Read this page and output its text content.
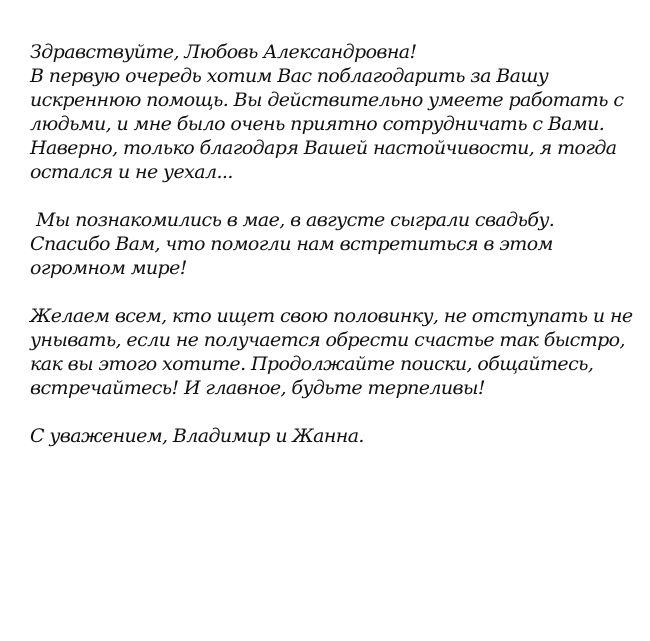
Здравствуйте, Любовь Александровна!
В первую очередь хотим Вас поблагодарить за Вашу
искреннюю помощь. Вы действительно умеете работать с
людьми, и мне было очень приятно сотрудничать с Вами.
Наверно, только благодаря Вашей настойчивости, я тогда
остался и не уехал...
Мы познакомились в мае, в августе сыграли свадьбу.
Спасибо Вам, что помогли нам встретиться в этом
огромном мире!
Желаем всем, кто ищет свою половинку, не отступать и не
унывать, если не получается обрести счастье так быстро,
как вы этого хотите. Продолжайте поиски, общайтесь,
встречайтесь! И главное, будьте терпеливы!
С уважением, Владимир и Жанна.
